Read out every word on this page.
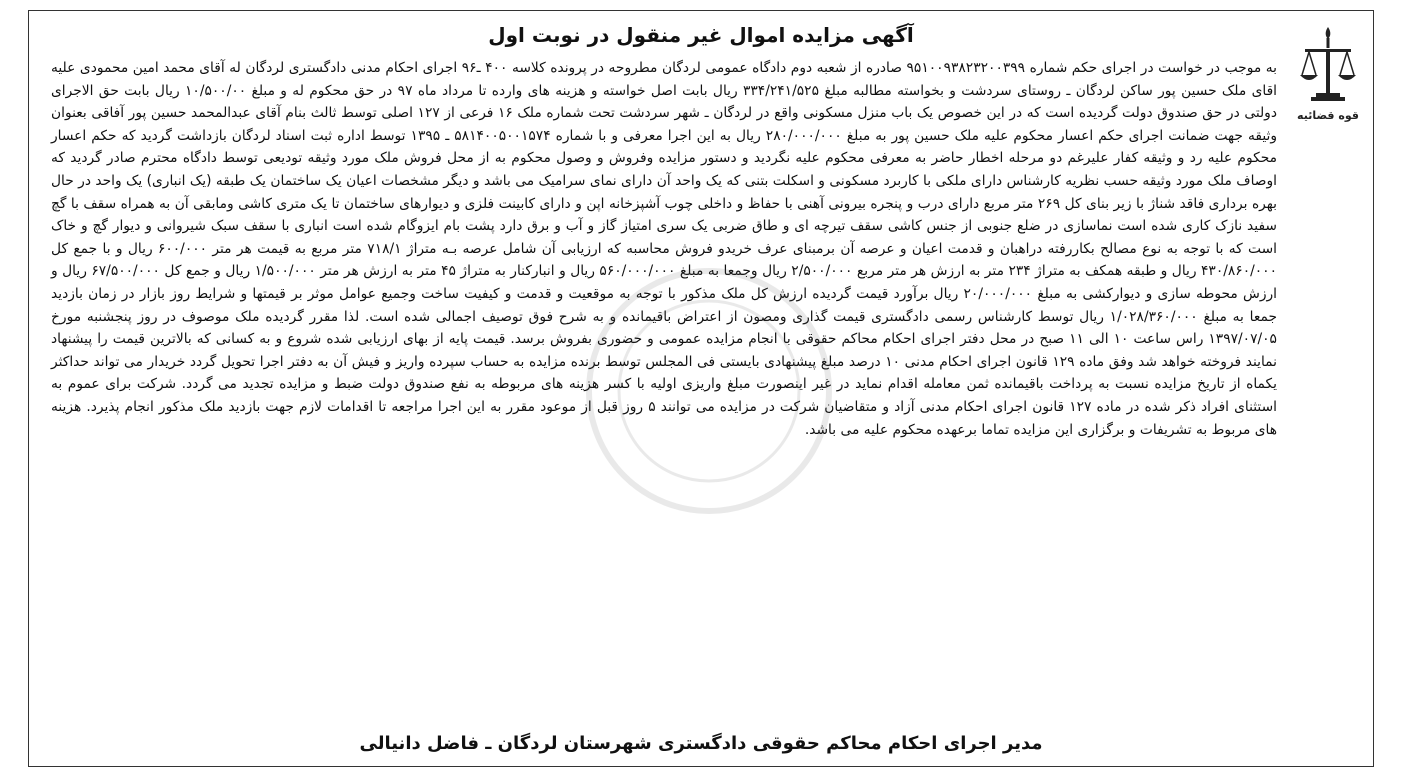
قوه قضائیه
آگهی مزایده اموال غیر منقول در نوبت اول

به موجب در خواست در اجرای حکم شماره ۹۵۱۰۰۹۳۸۲۳۲۰۰۳۹۹ صادره از شعبه دوم دادگاه عمومی لردگان مطروحه در پرونده کلاسه ۴۰۰ ـ۹۶ اجرای احکام مدنی دادگستری لردگان له آقای محمد امین محمودی علیه اقای ملک حسین پور ساکن لردگان ـ روستای سردشت و بخواسته مطالبه مبلغ ۳۳۴/۲۴۱/۵۲۵ ریال بابت اصل خواسته و هزینه های وارده تا مرداد ماه ۹۷ در حق محکوم له و مبلغ ۱۰/۵۰۰/۰۰ ریال بابت حق الاجرای دولتی در حق صندوق دولت گردیده است که در این خصوص یک باب منزل مسکونی واقع در لردگان ـ شهر سردشت تحت شماره ملک ۱۶ فرعی از ۱۲۷ اصلی توسط ثالث بنام آقای عبدالمحمد حسین پور آفاقی بعنوان وثیقه جهت ضمانت اجرای حکم اعسار محکوم علیه ملک حسین پور به مبلغ ۲۸۰/۰۰۰/۰۰۰ ریال به این اجرا معرفی و با شماره ۵۸۱۴۰۰۵۰۰۱۵۷۴ ـ ۱۳۹۵ توسط اداره ثبت اسناد لردگان بازداشت گردید که حکم اعسار محکوم علیه رد و وثیقه کفار علیرغم دو مرحله اخطار حاضر به معرفی محکوم علیه نگردید و دستور مزایده وفروش و وصول محکوم به از محل فروش ملک مورد وثیقه تودیعی توسط دادگاه محترم صادر گردید که اوصاف ملک مورد وثیقه حسب نظریه کارشناس دارای ملکی با کاربرد مسکونی و اسکلت بتنی که یک واحد آن دارای نمای سرامیک می باشد و دیگر مشخصات اعیان یک ساختمان یک طبقه (یک انباری) یک واحد در حال بهره برداری فاقد شناژ با زیر بنای کل ۲۶۹ متر مربع دارای درب و پنجره بیرونی آهنی با حفاظ و داخلی چوب آشپزخانه اپن و دارای کابینت فلزی و دیوارهای ساختمان تا یک متری کاشی ومابقی آن به همراه سقف با گچ سفید نازک کاری شده است نماسازی در ضلع جنوبی از جنس کاشی سقف تیرچه ای و طاق ضربی یک سری امتیاز گاز و آب و برق دارد پشت بام ایزوگام شده است انباری با سقف سبک شیروانی و دیوار گچ و خاک است که با توجه به نوع مصالح بکاررفته دراهبان و قدمت اعیان و عرصه آن برمبنای عرف خریدو فروش محاسبه که ارزیابی آن شامل عرصه بـه متراژ ۷۱۸/۱ متر مربع به قیمت هر متر ۶۰۰/۰۰۰ ریال و با جمع کل ۴۳۰/۸۶۰/۰۰۰ ریال و طبقه همکف به متراژ ۲۳۴ متر به ارزش هر متر مربع ۲/۵۰۰/۰۰۰ ریال وجمعا به مبلغ ۵۶۰/۰۰۰/۰۰۰ ریال و انبارکنار به متراژ ۴۵ متر به ارزش هر متر ۱/۵۰۰/۰۰۰ ریال و جمع کل ۶۷/۵۰۰/۰۰۰ ریال و ارزش محوطه سازی و دیوارکشی به مبلغ ۲۰/۰۰۰/۰۰۰ ریال برآورد قیمت گردیده ارزش کل ملک مذکور با توجه به موقعیت و قدمت و کیفیت ساخت وجمیع عوامل موثر بر قیمتها و شرایط روز بازار در زمان بازدید جمعا به مبلغ ۱/۰۲۸/۳۶۰/۰۰۰ ریال توسط کارشناس رسمی دادگستری قیمت گذاری ومصون از اعتراض باقیمانده و به شرح فوق توصیف اجمالی شده است. لذا مقرر گردیده ملک موصوف در روز پنجشنبه مورخ ۱۳۹۷/۰۷/۰۵ راس ساعت ۱۰ الی ۱۱ صبح در محل دفتر اجرای احکام محاکم حقوقی با انجام مزایده عمومی و حضوری بفروش برسد. قیمت پایه از بهای ارزیابی شده شروع و به کسانی که بالاترین قیمت را پیشنهاد نمایند فروخته خواهد شد وفق ماده ۱۲۹ قانون اجرای احکام مدنی ۱۰ درصد مبلغ پیشنهادی بایستی فی المجلس توسط برنده مزایده به حساب سپرده واریز و فیش آن به دفتر اجرا تحویل گردد خریدار می تواند حداکثر یکماه از تاریخ مزایده نسبت به پرداخت باقیمانده ثمن معامله اقدام نماید در غیر اینصورت مبلغ واریزی اولیه با کسر هزینه های مربوطه به نفع صندوق دولت ضبط و مزایده تجدید می گردد. شرکت برای عموم به استثنای افراد ذکر شده در ماده ۱۲۷ قانون اجرای احکام مدنی آزاد و متقاضیان شرکت در مزایده می توانند ۵ روز قبل از موعود مقرر به این اجرا مراجعه تا اقدامات لازم جهت بازدید ملک مذکور انجام پذیرد. هزینه های مربوط به تشریفات و برگزاری این مزایده تماما برعهده محکوم علیه می باشد.

مدیر اجرای احکام محاکم حقوقی دادگستری شهرستان لردگان ـ فاضل دانیالی
